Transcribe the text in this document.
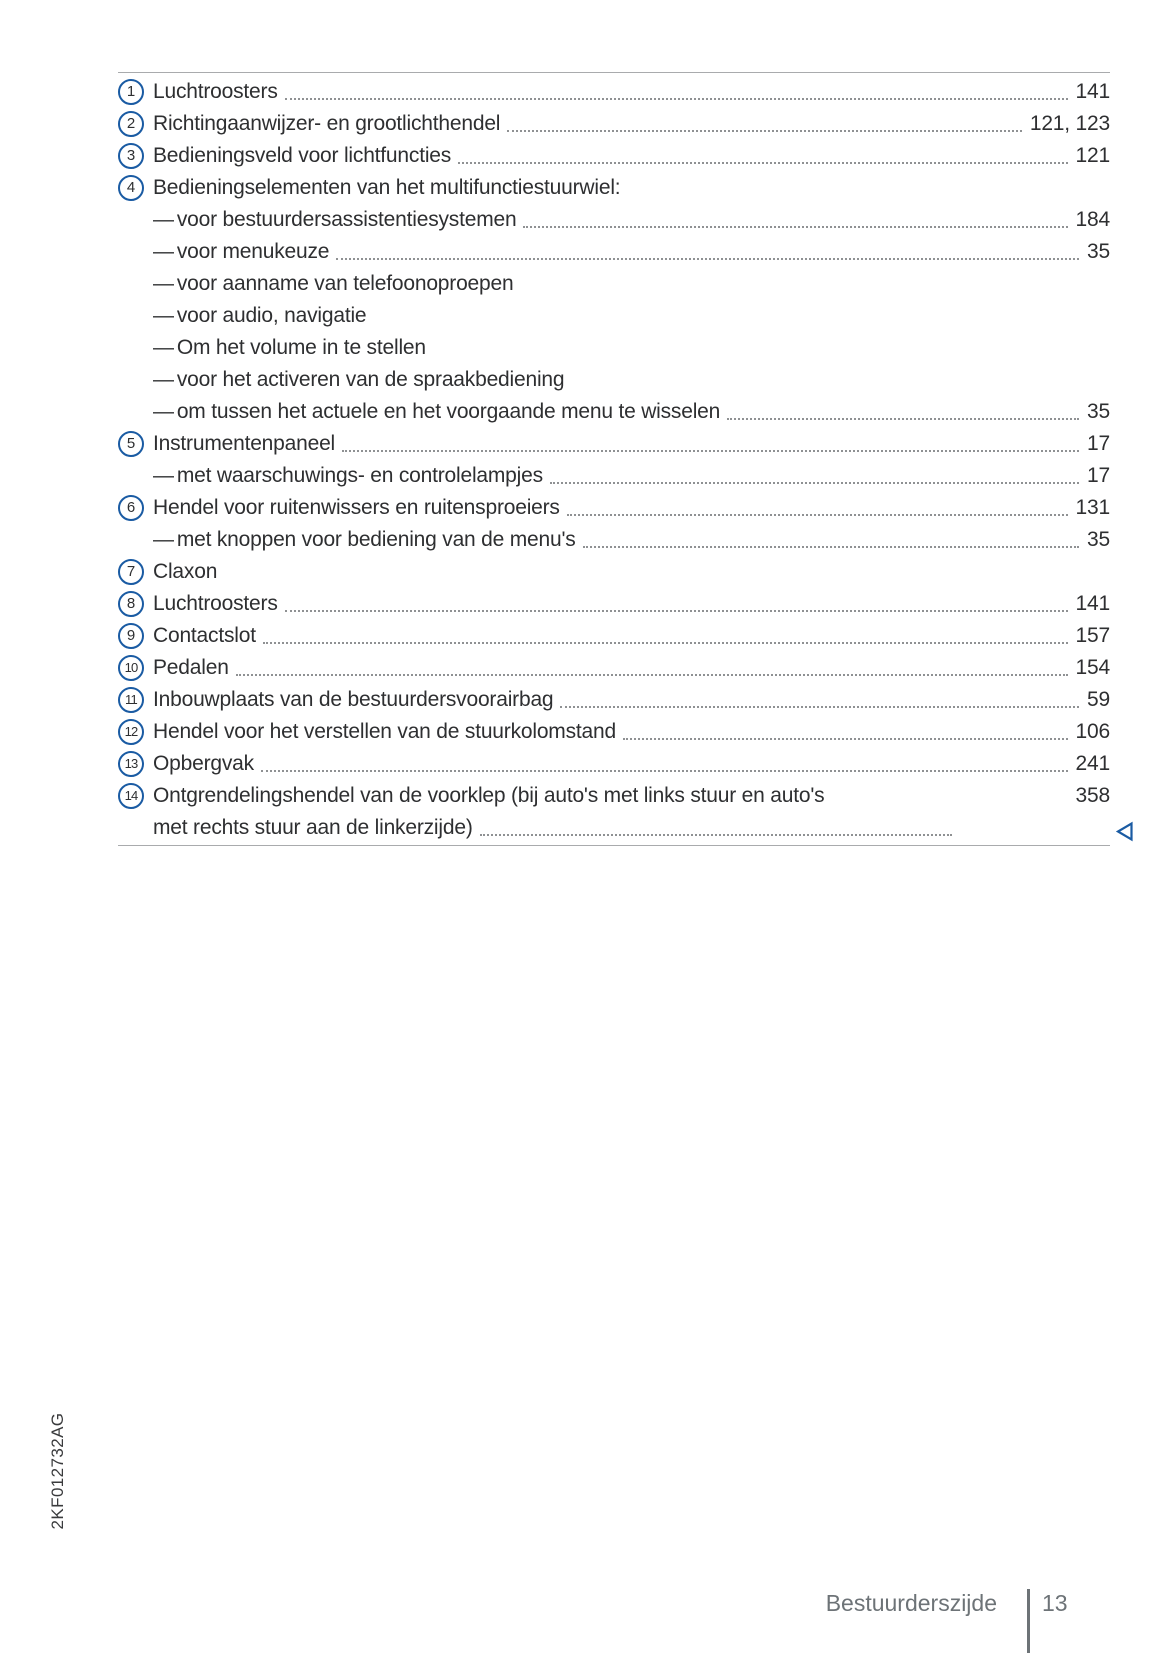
1 Luchtroosters	141
2 Richtingaanwijzer- en grootlichthendel	121, 123
3 Bedieningsveld voor lichtfuncties	121
4 Bedieningselementen van het multifunctiestuurwiel:
— voor bestuurdersassistentiesystemen	184
— voor menukeuze	35
— voor aanname van telefoonoproepen
— voor audio, navigatie
— Om het volume in te stellen
— voor het activeren van de spraakbediening
— om tussen het actuele en het voorgaande menu te wisselen	35
5 Instrumentenpaneel	17
— met waarschuwings- en controlelampjes	17
6 Hendel voor ruitenwissers en ruitensproeiers	131
— met knoppen voor bediening van de menu's	35
7 Claxon
8 Luchtroosters	141
9 Contactslot	157
10 Pedalen	154
11 Inbouwplaats van de bestuurdersvoorairbag	59
12 Hendel voor het verstellen van de stuurkolomstand	106
13 Opbergvak	241
14 Ontgrendelingshendel van de voorklep (bij auto's met links stuur en auto's	358
met rechts stuur aan de linkerzijde)
2KF012732AG
Bestuurderszijde 13
